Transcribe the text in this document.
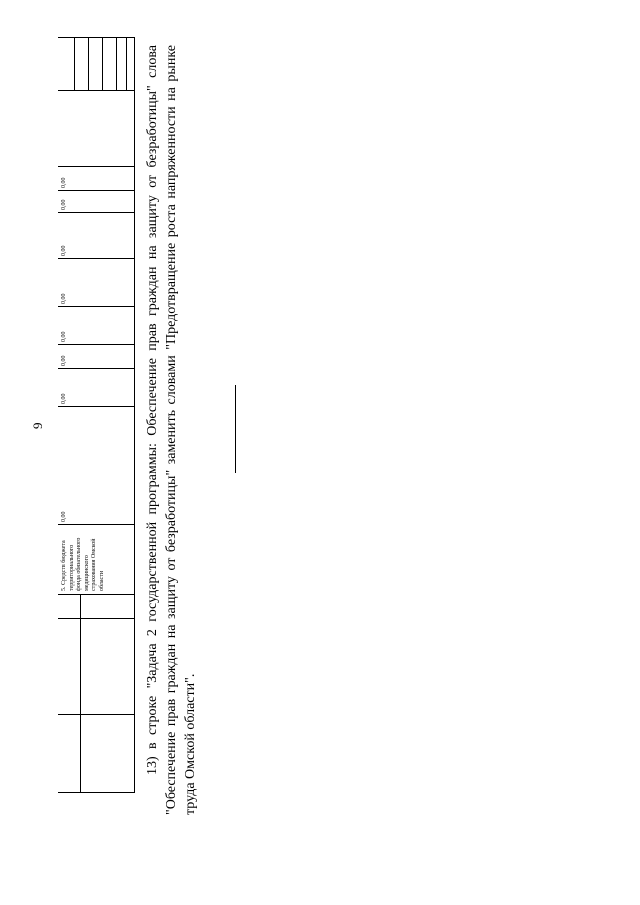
9
5. Средств бюджета территориального фонда обязательного медицинского страхования Омской области
0,00
0,00
0,00
0,00
0,00
0,00
0,00
0,00	13) в строке "Задача 2 государственной программы: Обеспечение прав граждан на защиту от безработицы" слова "Обеспечение прав граждан на защиту от безработицы" заменить словами "Предотвращение роста напряженности на рынке труда Омской области".
